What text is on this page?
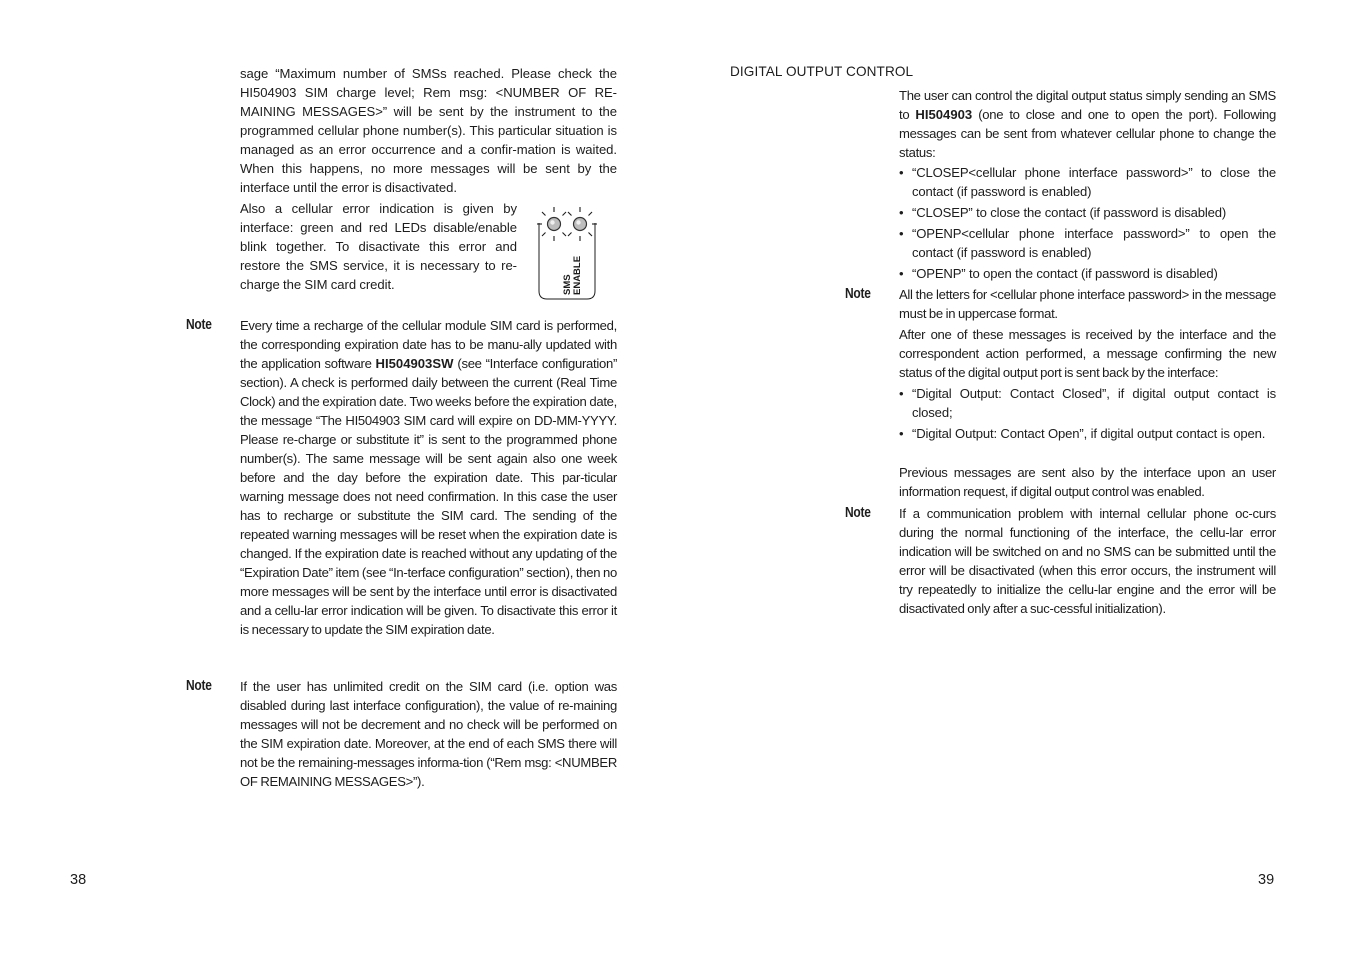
sage “Maximum number of SMSs reached. Please check the HI504903 SIM charge level; Rem msg: <NUMBER OF RE-MAINING MESSAGES>” will be sent by the instrument to the programmed cellular phone number(s). This particular situation is managed as an error occurrence and a confir-mation is waited. When this happens, no more messages will be sent by the interface until the error is disactivated.

Also a cellular error indication is given by interface: green and red LEDs disable/enable blink together. To disactivate this error and restore the SMS service, it is necessary to re-charge the SIM card credit.	SMS ENABLE
Note Every time a recharge of the cellular module SIM card is performed, the corresponding expiration date has to be manu-ally updated with the application software HI504903SW (see “Interface configuration” section). A check is performed daily between the current (Real Time Clock) and the expiration date. Two weeks before the expiration date, the message “The HI504903 SIM card will expire on DD-MM-YYYY. Please re-charge or substitute it” is sent to the programmed phone number(s). The same message will be sent again also one week before and the day before the expiration date. This par-ticular warning message does not need confirmation. In this case the user has to recharge or substitute the SIM card. The sending of the repeated warning messages will be reset when the expiration date is changed. If the expiration date is reached without any updating of the “Expiration Date” item (see “In-terface configuration” section), then no more messages will be sent by the interface until error is disactivated and a cellu-lar error indication will be given. To disactivate this error it is necessary to update the SIM expiration date.

Note If the user has unlimited credit on the SIM card (i.e. option was disabled during last interface configuration), the value of re-maining messages will not be decrement and no check will be performed on the SIM expiration date. Moreover, at the end of each SMS there will not be the remaining-messages informa-tion (“Rem msg: <NUMBER OF REMAINING MESSAGES>”).

38
DIGITAL OUTPUT CONTROL

The user can control the digital output status simply sending an SMS to HI504903 (one to close and one to open the port). Following messages can be sent from whatever cellular phone to change the status:

• “CLOSEP<cellular phone interface password>” to close the contact (if password is enabled)
• “CLOSEP” to close the contact (if password is disabled)
• “OPENP<cellular phone interface password>” to open the contact (if password is enabled)
• “OPENP” to open the contact (if password is disabled)
Note All the letters for <cellular phone interface password> in the message must be in uppercase format.

After one of these messages is received by the interface and the correspondent action performed, a message confirming the new status of the digital output port is sent back by the interface:

• “Digital Output: Contact Closed”, if digital output contact is closed;
• “Digital Output: Contact Open”, if digital output contact is open.

Previous messages are sent also by the interface upon an user information request, if digital output control was enabled.

Note If a communication problem with internal cellular phone oc-curs during the normal functioning of the interface, the cellu-lar error indication will be switched on and no SMS can be submitted until the error will be disactivated (when this error occurs, the instrument will try repeatedly to initialize the cellu-lar engine and the error will be disactivated only after a suc-cessful initialization).

39
